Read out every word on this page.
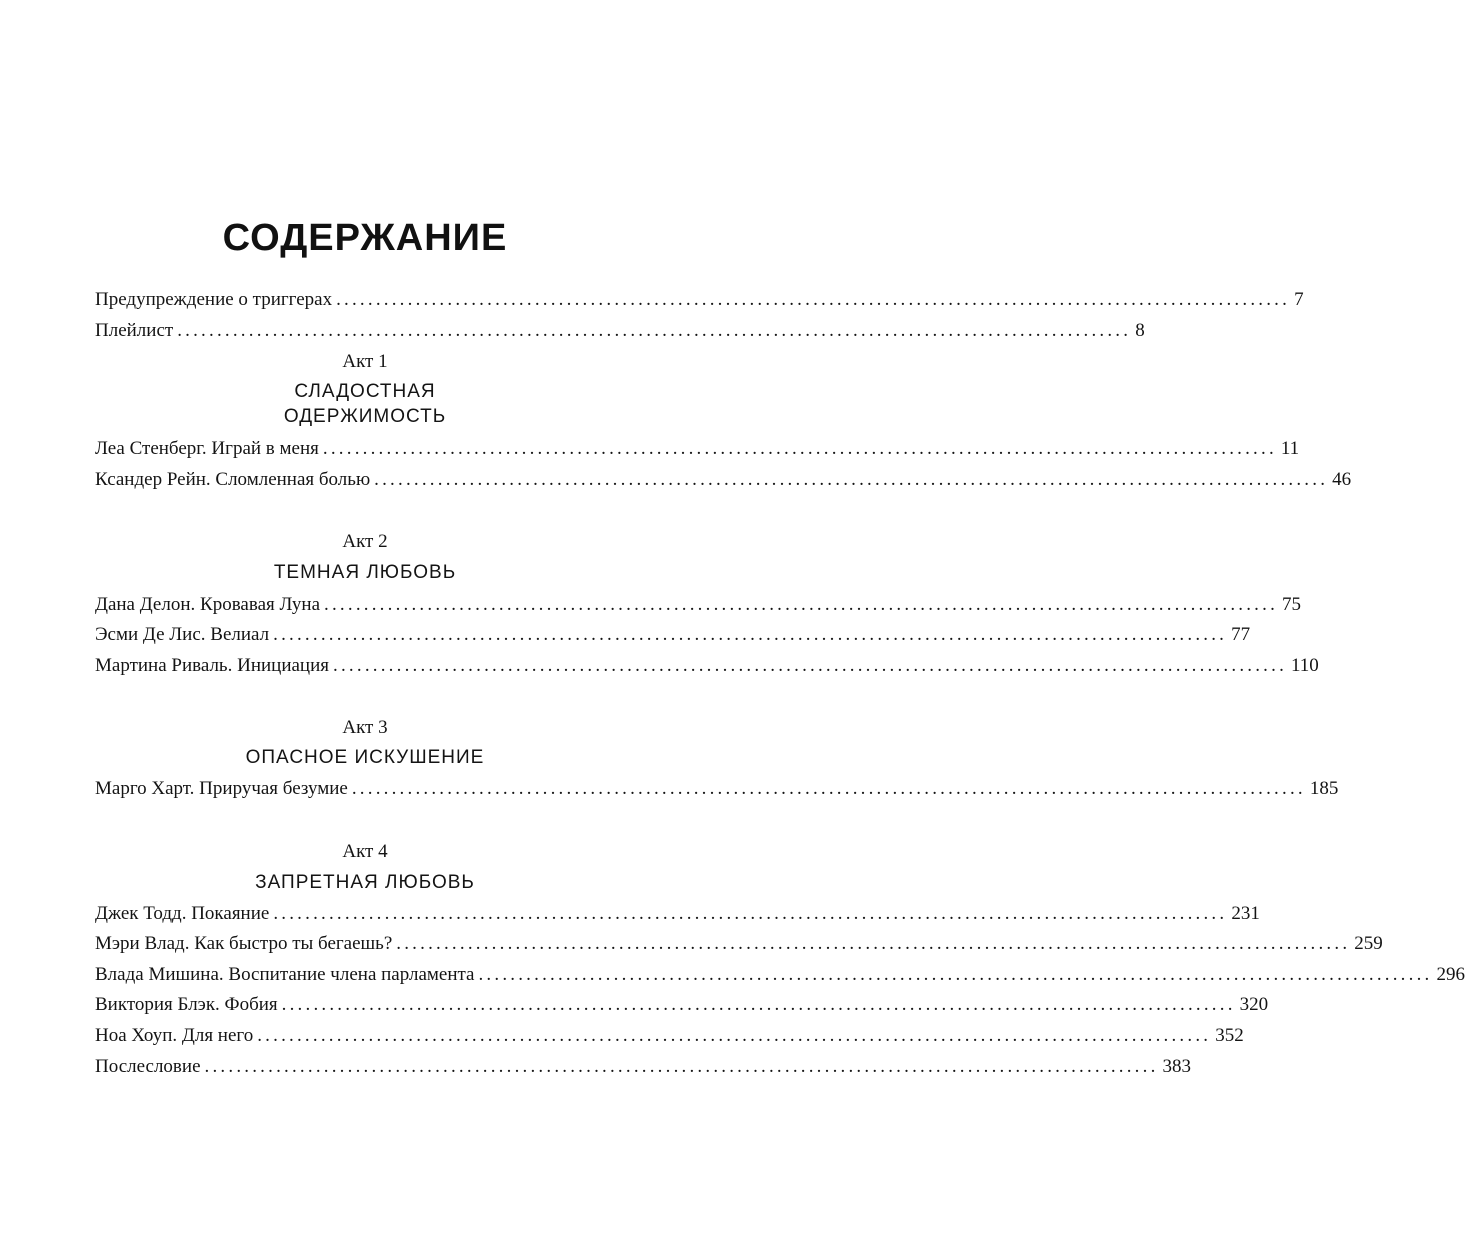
СОДЕРЖАНИЕ
Предупреждение о триггерах ........................................................................................................................ 7
Плейлист ........................................................................................................................ 8
Акт 1
СЛАДОСТНАЯ
ОДЕРЖИМОСТЬ
Леа Стенберг. Играй в меня ........................................................................................................................ 11
Ксандер Рейн. Сломленная болью ........................................................................................................................ 46
Акт 2
ТЕМНАЯ ЛЮБОВЬ
Дана Делон. Кровавая Луна ........................................................................................................................ 75
Эсми Де Лис. Велиал ........................................................................................................................ 77
Мартина Риваль. Инициация ........................................................................................................................ 110
Акт 3
ОПАСНОЕ ИСКУШЕНИЕ
Марго Харт. Приручая безумие ........................................................................................................................ 185
Акт 4
ЗАПРЕТНАЯ ЛЮБОВЬ
Джек Тодд. Покаяние ........................................................................................................................ 231
Мэри Влад. Как быстро ты бегаешь? ........................................................................................................................ 259
Влада Мишина. Воспитание члена парламента ........................................................................................................................ 296
Виктория Блэк. Фобия ........................................................................................................................ 320
Ноа Хоуп. Для него ........................................................................................................................ 352
Послесловие ........................................................................................................................ 383
